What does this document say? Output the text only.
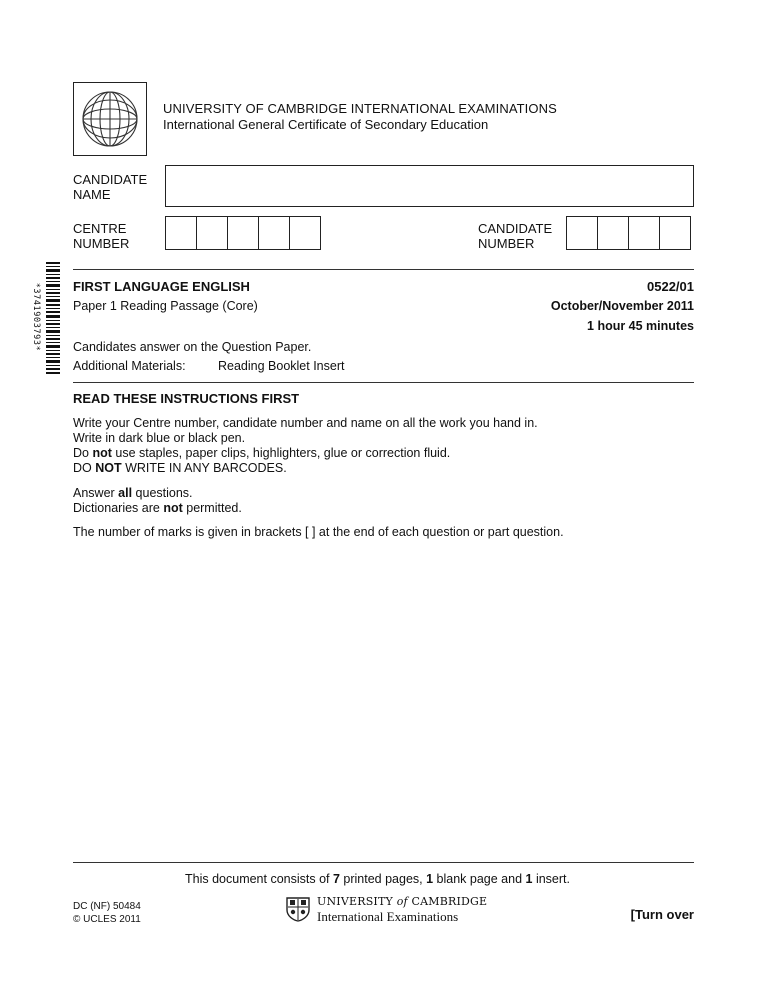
UNIVERSITY OF CAMBRIDGE INTERNATIONAL EXAMINATIONS
International General Certificate of Secondary Education
CANDIDATE
NAME
CENTRE
NUMBER
CANDIDATE
NUMBER
*3741903793* FIRST LANGUAGE ENGLISH	0522/01
Paper 1 Reading Passage (Core)	October/November 2011
1 hour 45 minutes
Candidates answer on the Question Paper.
Additional Materials:	Reading Booklet Insert
READ THESE INSTRUCTIONS FIRST

Write your Centre number, candidate number and name on all the work you hand in.

Write in dark blue or black pen.

Do not use staples, paper clips, highlighters, glue or correction fluid.

DO NOT WRITE IN ANY BARCODES.

Answer all questions.

Dictionaries are not permitted.

The number of marks is given in brackets [ ] at the end of each question or part question.
This document consists of 7 printed pages, 1 blank page and 1 insert.
DC (NF) 50484
© UCLES 2011
UNIVERSITY of CAMBRIDGE
International Examinations	[Turn over
